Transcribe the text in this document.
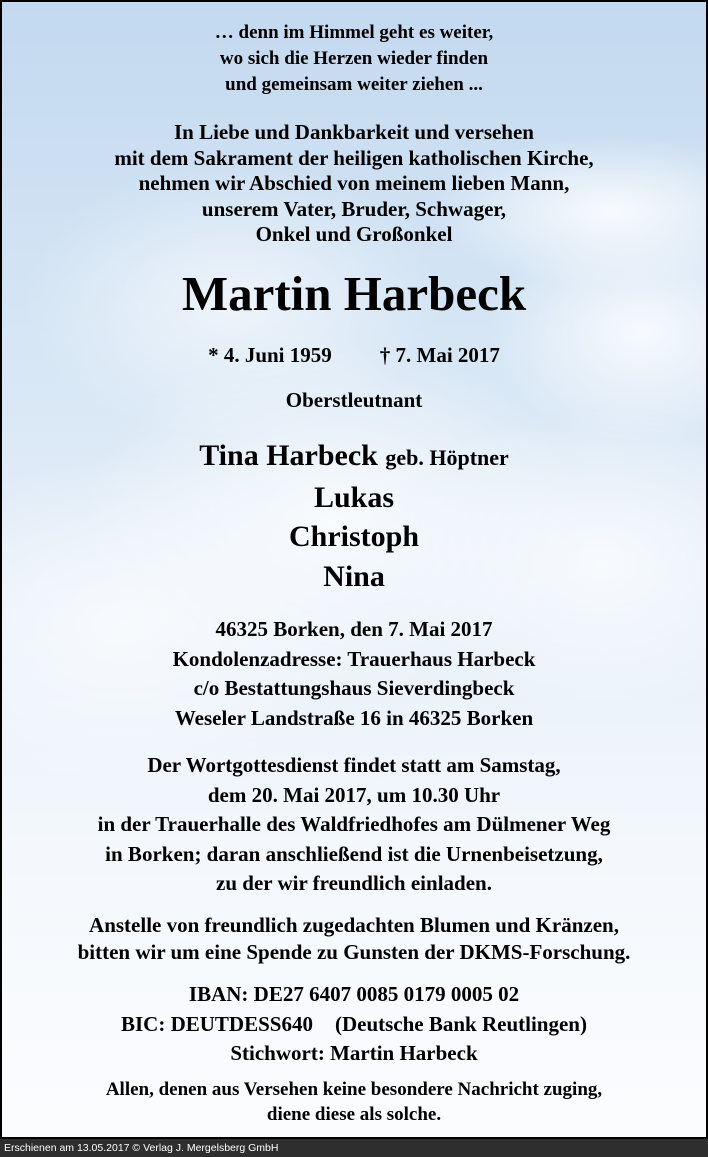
… denn im Himmel geht es weiter,
wo sich die Herzen wieder finden
und gemeinsam weiter ziehen ...
In Liebe und Dankbarkeit und versehen
mit dem Sakrament der heiligen katholischen Kirche,
nehmen wir Abschied von meinem lieben Mann,
unserem Vater, Bruder, Schwager,
Onkel und Großonkel
Martin Harbeck
* 4. Juni 1959 † 7. Mai 2017
Oberstleutnant
Tina Harbeck geb. Höptner
Lukas
Christoph
Nina
46325 Borken, den 7. Mai 2017
Kondolenzadresse: Trauerhaus Harbeck
c/o Bestattungshaus Sieverdingbeck
Weseler Landstraße 16 in 46325 Borken
Der Wortgottesdienst findet statt am Samstag,
dem 20. Mai 2017, um 10.30 Uhr
in der Trauerhalle des Waldfriedhofes am Dülmener Weg
in Borken; daran anschließend ist die Urnenbeisetzung,
zu der wir freundlich einladen.
Anstelle von freundlich zugedachten Blumen und Kränzen,
bitten wir um eine Spende zu Gunsten der DKMS-Forschung.
IBAN: DE27 6407 0085 0179 0005 02
BIC: DEUTDESS640 (Deutsche Bank Reutlingen)
Stichwort: Martin Harbeck
Allen, denen aus Versehen keine besondere Nachricht zuging,
diene diese als solche.
Erschienen am 13.05.2017 © Verlag J. Mergelsberg GmbH
